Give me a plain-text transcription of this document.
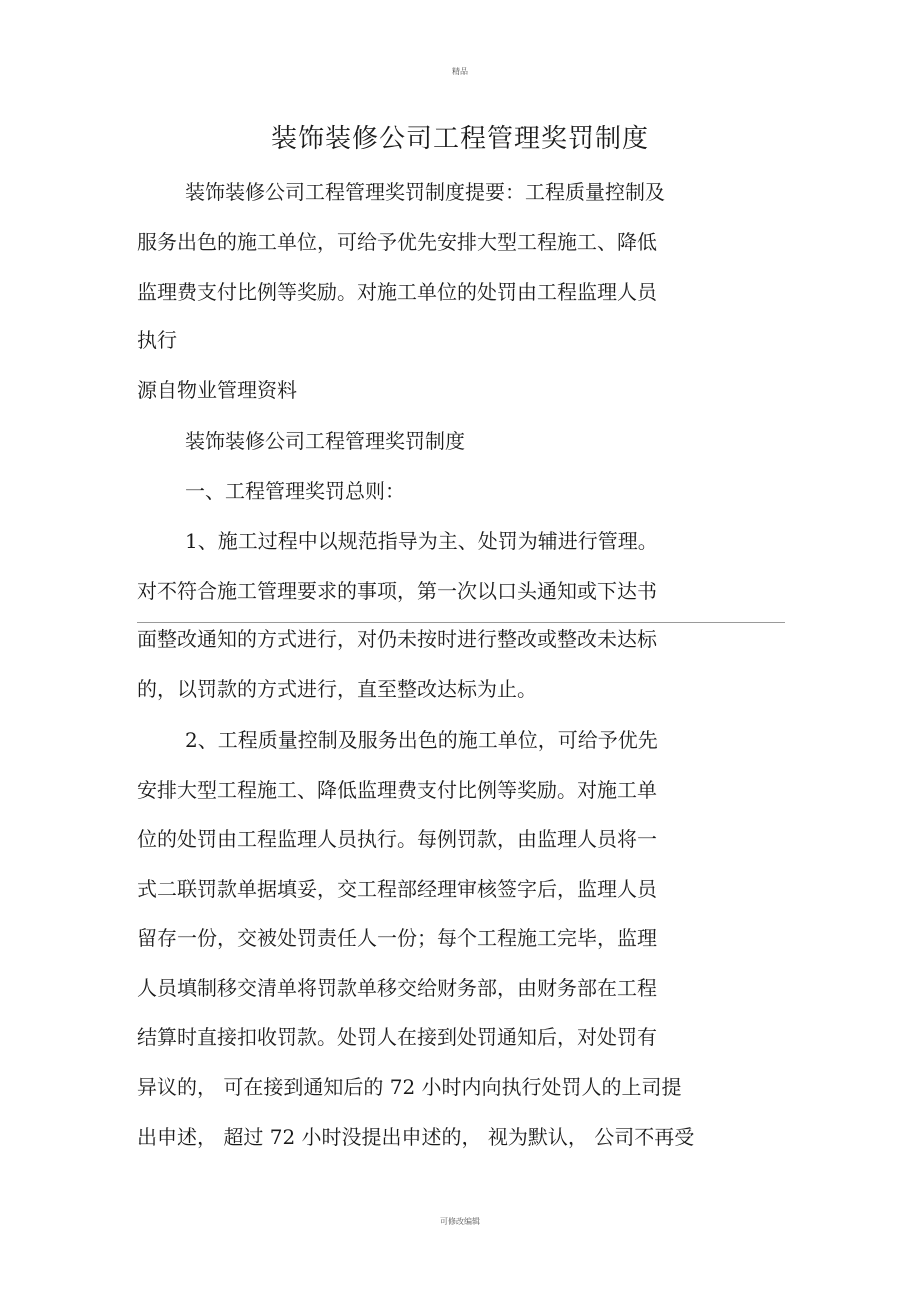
精品
装饰装修公司工程管理奖罚制度
装饰装修公司工程管理奖罚制度提要：工程质量控制及
服务出色的施工单位，可给予优先安排大型工程施工、降低
监理费支付比例等奖励。对施工单位的处罚由工程监理人员
执行
源自物业管理资料
装饰装修公司工程管理奖罚制度
一、工程管理奖罚总则：
1、施工过程中以规范指导为主、处罚为辅进行管理。
对不符合施工管理要求的事项，第一次以口头通知或下达书
面整改通知的方式进行，对仍未按时进行整改或整改未达标
的，以罚款的方式进行，直至整改达标为止。
2、工程质量控制及服务出色的施工单位，可给予优先
安排大型工程施工、降低监理费支付比例等奖励。对施工单
位的处罚由工程监理人员执行。每例罚款，由监理人员将一
式二联罚款单据填妥，交工程部经理审核签字后，监理人员
留存一份，交被处罚责任人一份；每个工程施工完毕，监理
人员填制移交清单将罚款单移交给财务部，由财务部在工程
结算时直接扣收罚款。处罚人在接到处罚通知后，对处罚有
异议的， 可在接到通知后的 72 小时内向执行处罚人的上司提
出申述， 超过 72 小时没提出申述的， 视为默认， 公司不再受
可修改编辑
